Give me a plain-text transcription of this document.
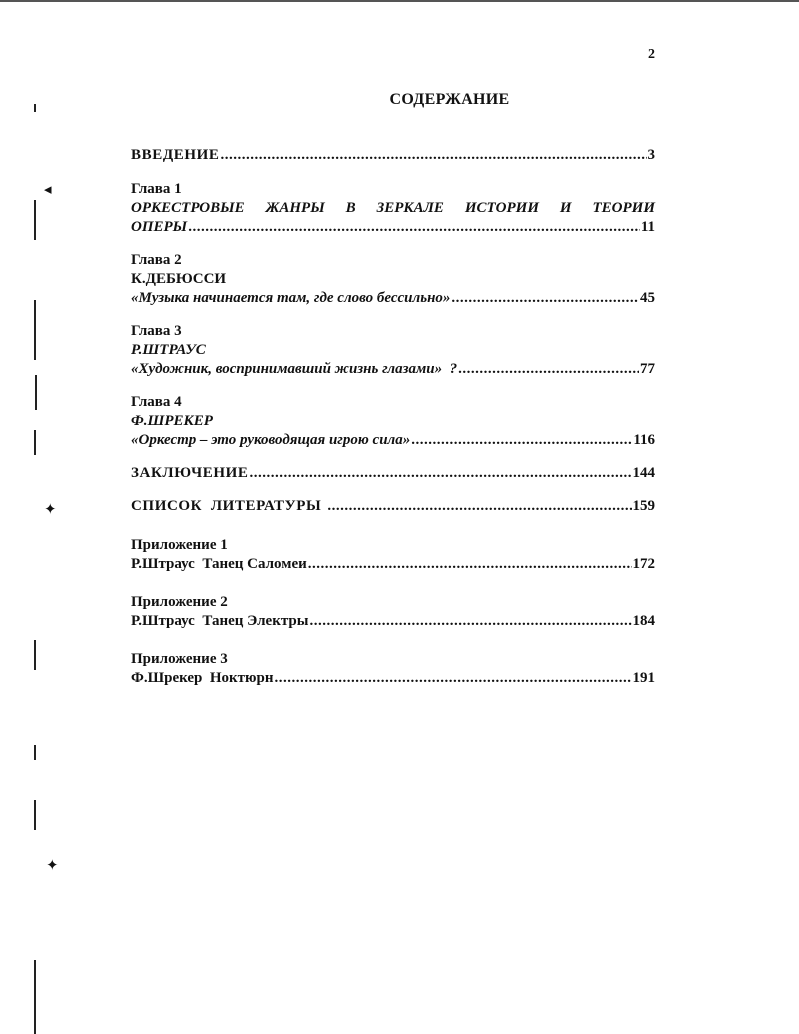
◂
✦
✦
2
СОДЕРЖАНИЕ
ВВЕДЕНИЕ .....	3
Глава 1
ОРКЕСТРОВЫЕ ЖАНРЫ В ЗЕРКАЛЕ ИСТОРИИ И ТЕОРИИ
ОПЕРЫ .....	11
Глава 2
К.ДЕБЮССИ
«Музыка начинается там, где слово бессильно» .....	45
Глава 3
Р.ШТРАУС
«Художник, воспринимавший жизнь глазами»  ? .....	77
Глава 4
Ф.ШРЕКЕР
«Оркестр – это руководящая игрою сила» .....	116
ЗАКЛЮЧЕНИЕ .....	144
СПИСОК  ЛИТЕРАТУРЫ .....	159
Приложение 1
Р.Штраус  Танец Саломеи .....	172
Приложение 2
Р.Штраус  Танец Электры .....	184
Приложение 3
Ф.Шрекер  Ноктюрн .....	191
